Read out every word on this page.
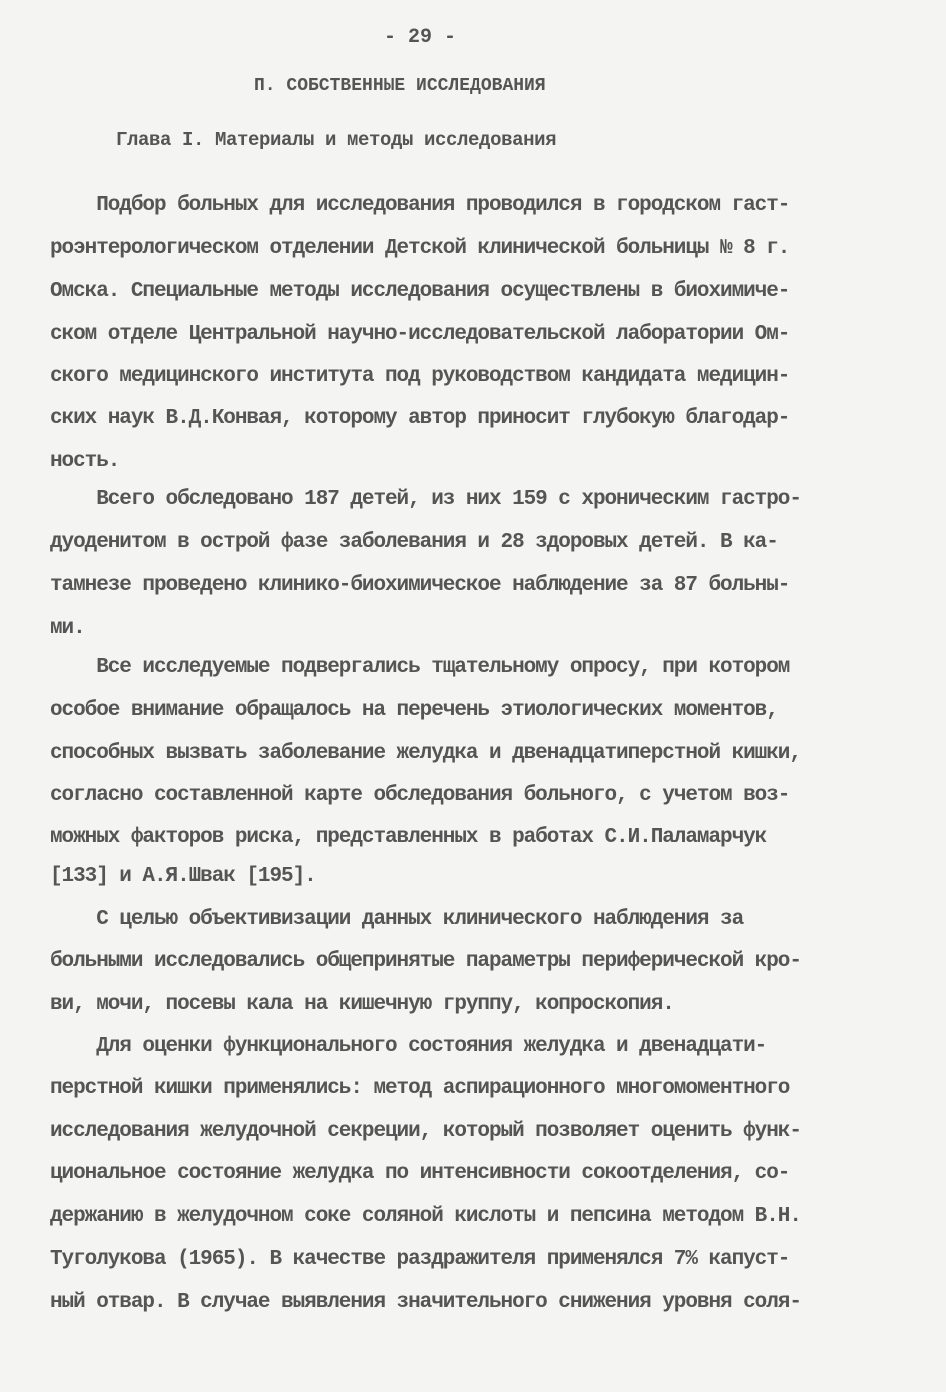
- 29 -
П. СОБСТВЕННЫЕ ИССЛЕДОВАНИЯ
Глава I. Материалы и методы исследования
Подбор больных для исследования проводился в городском гаст-
роэнтерологическом отделении Детской клинической больницы № 8 г.
Омска. Специальные методы исследования осуществлены в биохимиче-
ском отделе Центральной научно-исследовательской лаборатории Ом-
ского медицинского института под руководством кандидата медицин-
ских наук В.Д.Конвая, которому автор приносит глубокую благодар-
ность.
Всего обследовано 187 детей, из них 159 с хроническим гастро-
дуоденитом в острой фазе заболевания и 28 здоровых детей. В ка-
тамнезе проведено клинико-биохимическое наблюдение за 87 больны-
ми.
Все исследуемые подвергались тщательному опросу, при котором
особое внимание обращалось на перечень этиологических моментов,
способных вызвать заболевание желудка и двенадцатиперстной кишки,
согласно составленной карте обследования больного, с учетом воз-
можных факторов риска, представленных в работах С.И.Паламарчук
[133] и А.Я.Швак [195].
С целью объективизации данных клинического наблюдения за
больными исследовались общепринятые параметры периферической кро-
ви, мочи, посевы кала на кишечную группу, копроскопия.
Для оценки функционального состояния желудка и двенадцати-
перстной кишки применялись: метод аспирационного многомоментного
исследования желудочной секреции, который позволяет оценить функ-
циональное состояние желудка по интенсивности сокоотделения, со-
держанию в желудочном соке соляной кислоты и пепсина методом В.Н.
Туголукова (1965). В качестве раздражителя применялся 7% капуст-
ный отвар. В случае выявления значительного снижения уровня соля-
